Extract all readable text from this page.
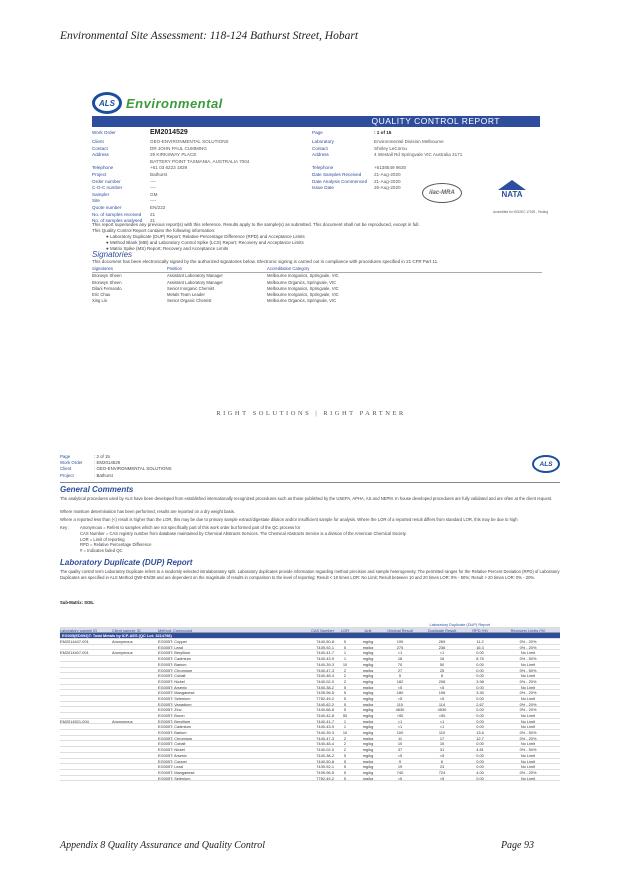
Environmental Site Assessment: 118-124 Bathurst Street, Hobart
ALS Environmental
QUALITY CONTROL REPORT
Work Order	EM2014529
Client	GEO-ENVIRONMENTAL SOLUTIONS
Contact	DR JOHN PAUL CUMMING
Address	29 KIRKSWAY PLACE
BATTERY POINT TASMANIA, AUSTRALIA 7004
Telephone	+61 03 6223 1839
Project	Bathurst
Order number	----
C-O-C number	----
Sampler	GM
Site	----
Quote number	EN/222
No. of samples received	21
No. of samples analysed	21
Page	: 1 of 15
Laboratory	Environmental Division Melbourne
Contact	Shirley LeCornu
Address	4 Westall Rd Springvale VIC Australia 3171
Telephone	+6138549 9630
Date Samples Received	21-Aug-2020
Date Analysis Commenced	21-Aug-2020
Issue Date	26-Aug-2020
ilac-MRA	NATA
Accredited for ISO/IEC 17025 - Testing
This report supersedes any previous report(s) with this reference. Results apply to the sample(s) as submitted. This document shall not be reproduced, except in full.
This Quality Control Report contains the following information:
● Laboratory Duplicate (DUP) Report; Relative Percentage Difference (RPD) and Acceptance Limits
● Method Blank (MB) and Laboratory Control Spike (LCS) Report; Recovery and Acceptance Limits
● Matrix Spike (MS) Report; Recovery and Acceptance Limits
Signatories
This document has been electronically signed by the authorized signatories below. Electronic signing is carried out in compliance with procedures specified in 21 CFR Part 11.
Signatories	Position	Accreditation Category
Bronwyn Sheen	Assistant Laboratory Manager	Melbourne Inorganics, Springvale, VIC
Bronwyn Sheen	Assistant Laboratory Manager	Melbourne Organics, Springvale, VIC
Dilani Fernando	Senior Inorganic Chemist	Melbourne Inorganics, Springvale, VIC
Eric Chau	Metals Team Leader	Melbourne Inorganics, Springvale, VIC
Xing Lin	Senior Organic Chemist	Melbourne Organics, Springvale, VIC
RIGHT SOLUTIONS | RIGHT PARTNER
Page	: 2 of 15
Work Order	: EM2014529
Client	: GEO-ENVIRONMENTAL SOLUTIONS
Project	: Bathurst
ALS
General Comments
The analytical procedures used by ALS have been developed from established internationally recognized procedures such as those published by the USEPA, APHA, AS and NEPM. In house developed procedures are fully validated and are often at the client request.
Where moisture determination has been performed, results are reported on a dry weight basis.
Where a reported less than (<) result is higher than the LOR, this may be due to primary sample extract/digestate dilution and/or insufficient sample for analysis. Where the LOR of a reported result differs from standard LOR, this may be due to high
Key :	Anonymous = Refers to samples which are not specifically part of this work order but formed part of the QC process lot
CAS Number = CAS registry number from database maintained by Chemical Abstracts Services. The Chemical Abstracts Service is a division of the American Chemical Society.
LOR = Limit of reporting
RPD = Relative Percentage Difference
# = Indicates failed QC
Laboratory Duplicate (DUP) Report
The quality control term Laboratory Duplicate refers to a randomly selected intralaboratory split. Laboratory duplicates provide information regarding method precision and sample heterogeneity. The permitted ranges for the Relative Percent Deviation (RPD) of Laboratory Duplicates are specified in ALS Method QWI-EN/38 and are dependent on the magnitude of results in comparison to the level of reporting: Result < 10 times LOR: No Limit; Result between 10 and 20 times LOR: 0% - 50%; Result > 20 times LOR: 0% - 20%.
Sub-Matrix: SOIL
Laboratory Duplicate (DUP) Report
Laboratory sample ID	Client sample ID	Method: Compound	CAS Number	LOR	Unit	Original Result	Duplicate Result	RPD (%)	Recovery Limits (%)
EG005(ED093)T: Total Metals by ICP-AES (QC Lot: 3214798)
EM2014447-001	Anonymous	EG005T: Copper	7440-50-8	5	mg/kg	199	269	11.2	0% - 20%
EG005T: Lead	7439-92-1	5	mg/kg	275	236	16.3	0% - 20%
EM2014407-001	Anonymous	EG005T: Beryllium	7440-41-7	1	mg/kg	<1	<1	0.00	No Limit
EG005T: Cadmium	7440-43-9	1	mg/kg	18	16	8.76	0% - 50%
EG005T: Barium	7440-39-3	10	mg/kg	70	50	0.00	No Limit
EG005T: Chromium	7440-47-3	2	mg/kg	27	25	0.00	0% - 50%
EG005T: Cobalt	7440-48-4	2	mg/kg	5	8	0.00	No Limit
EG005T: Nickel	7440-02-0	2	mg/kg	182	208	3.98	0% - 20%
EG005T: Arsenic	7440-38-2	5	mg/kg	<5	<5	0.00	No Limit
EG005T: Manganese	7439-96-5	5	mg/kg	180	196	3.30	0% - 20%
EG005T: Selenium	7782-49-2	5	mg/kg	<5	<5	0.00	No Limit
EG005T: Vanadium	7440-62-2	5	mg/kg	110	114	2.67	0% - 20%
EG005T: Zinc	7440-66-6	5	mg/kg	4630	4530	0.00	0% - 20%
EG005T: Boron	7440-42-8	50	mg/kg	<50	<50	0.00	No Limit
EM2014521-004	Anonymous	EG005T: Beryllium	7440-41-7	1	mg/kg	<1	<1	0.00	No Limit
EG005T: Cadmium	7440-43-9	1	mg/kg	<1	<1	0.00	No Limit
EG005T: Barium	7440-39-3	10	mg/kg	100	110	13.6	0% - 50%
EG005T: Chromium	7440-47-3	2	mg/kg	11	17	12.7	0% - 20%
EG005T: Cobalt	7440-48-4	2	mg/kg	10	15	0.00	No Limit
EG005T: Nickel	7440-02-0	2	mg/kg	37	31	4.81	0% - 50%
EG005T: Arsenic	7440-38-2	5	mg/kg	<5	<5	0.00	No Limit
EG005T: Copper	7440-50-8	5	mg/kg	9	6	0.00	No Limit
EG005T: Lead	7439-92-1	5	mg/kg	19	23	0.00	No Limit
EG005T: Manganese	7439-96-5	5	mg/kg	740	724	4.00	0% - 20%
EG005T: Selenium	7782-49-2	5	mg/kg	<5	<5	0.00	No Limit
Appendix 8 Quality Assurance and Quality Control	Page 93
